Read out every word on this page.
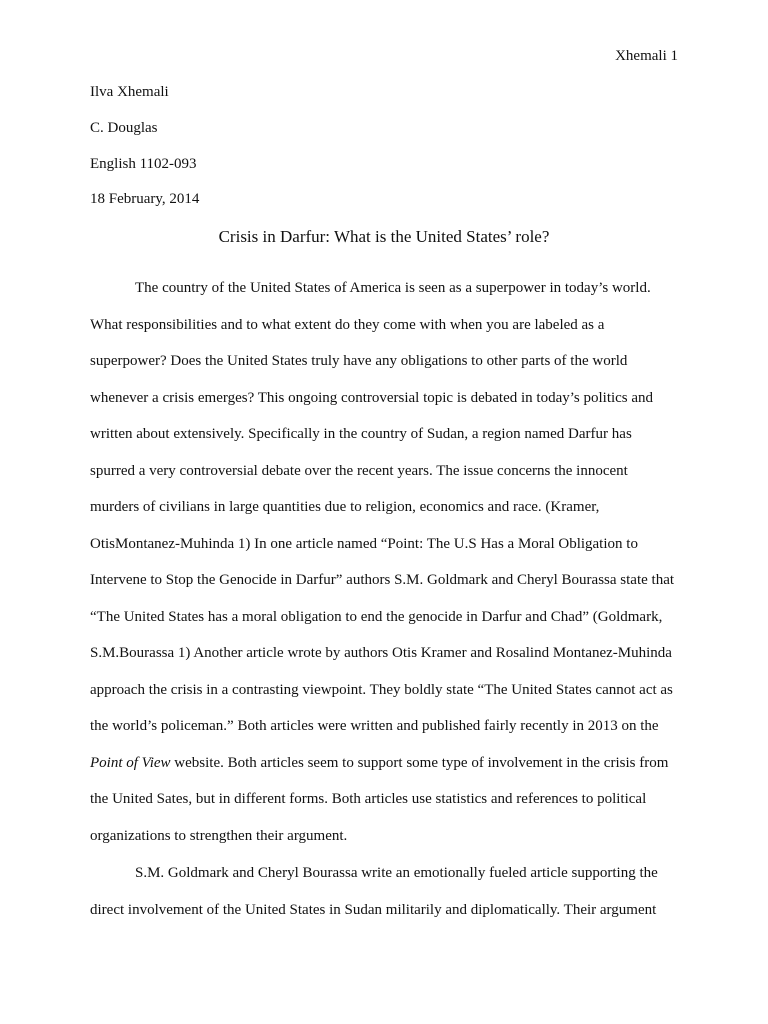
Xhemali 1
Ilva Xhemali
C. Douglas
English 1102-093
18 February, 2014
Crisis in Darfur: What is the United States’ role?

The country of the United States of America is seen as a superpower in today’s world. What responsibilities and to what extent do they come with when you are labeled as a superpower? Does the United States truly have any obligations to other parts of the world whenever a crisis emerges? This ongoing controversial topic is debated in today’s politics and written about extensively. Specifically in the country of Sudan, a region named Darfur has spurred a very controversial debate over the recent years. The issue concerns the innocent murders of civilians in large quantities due to religion, economics and race. (Kramer, OtisMontanez-Muhinda 1) In one article named “Point: The U.S Has a Moral Obligation to Intervene to Stop the Genocide in Darfur” authors S.M. Goldmark and Cheryl Bourassa state that “The United States has a moral obligation to end the genocide in Darfur and Chad” (Goldmark, S.M.Bourassa 1) Another article wrote by authors Otis Kramer and Rosalind Montanez-Muhinda approach the crisis in a contrasting viewpoint. They boldly state “The United States cannot act as the world’s policeman.” Both articles were written and published fairly recently in 2013 on the Point of View website. Both articles seem to support some type of involvement in the crisis from the United Sates, but in different forms. Both articles use statistics and references to political organizations to strengthen their argument.

S.M. Goldmark and Cheryl Bourassa write an emotionally fueled article supporting the direct involvement of the United States in Sudan militarily and diplomatically. Their argument
